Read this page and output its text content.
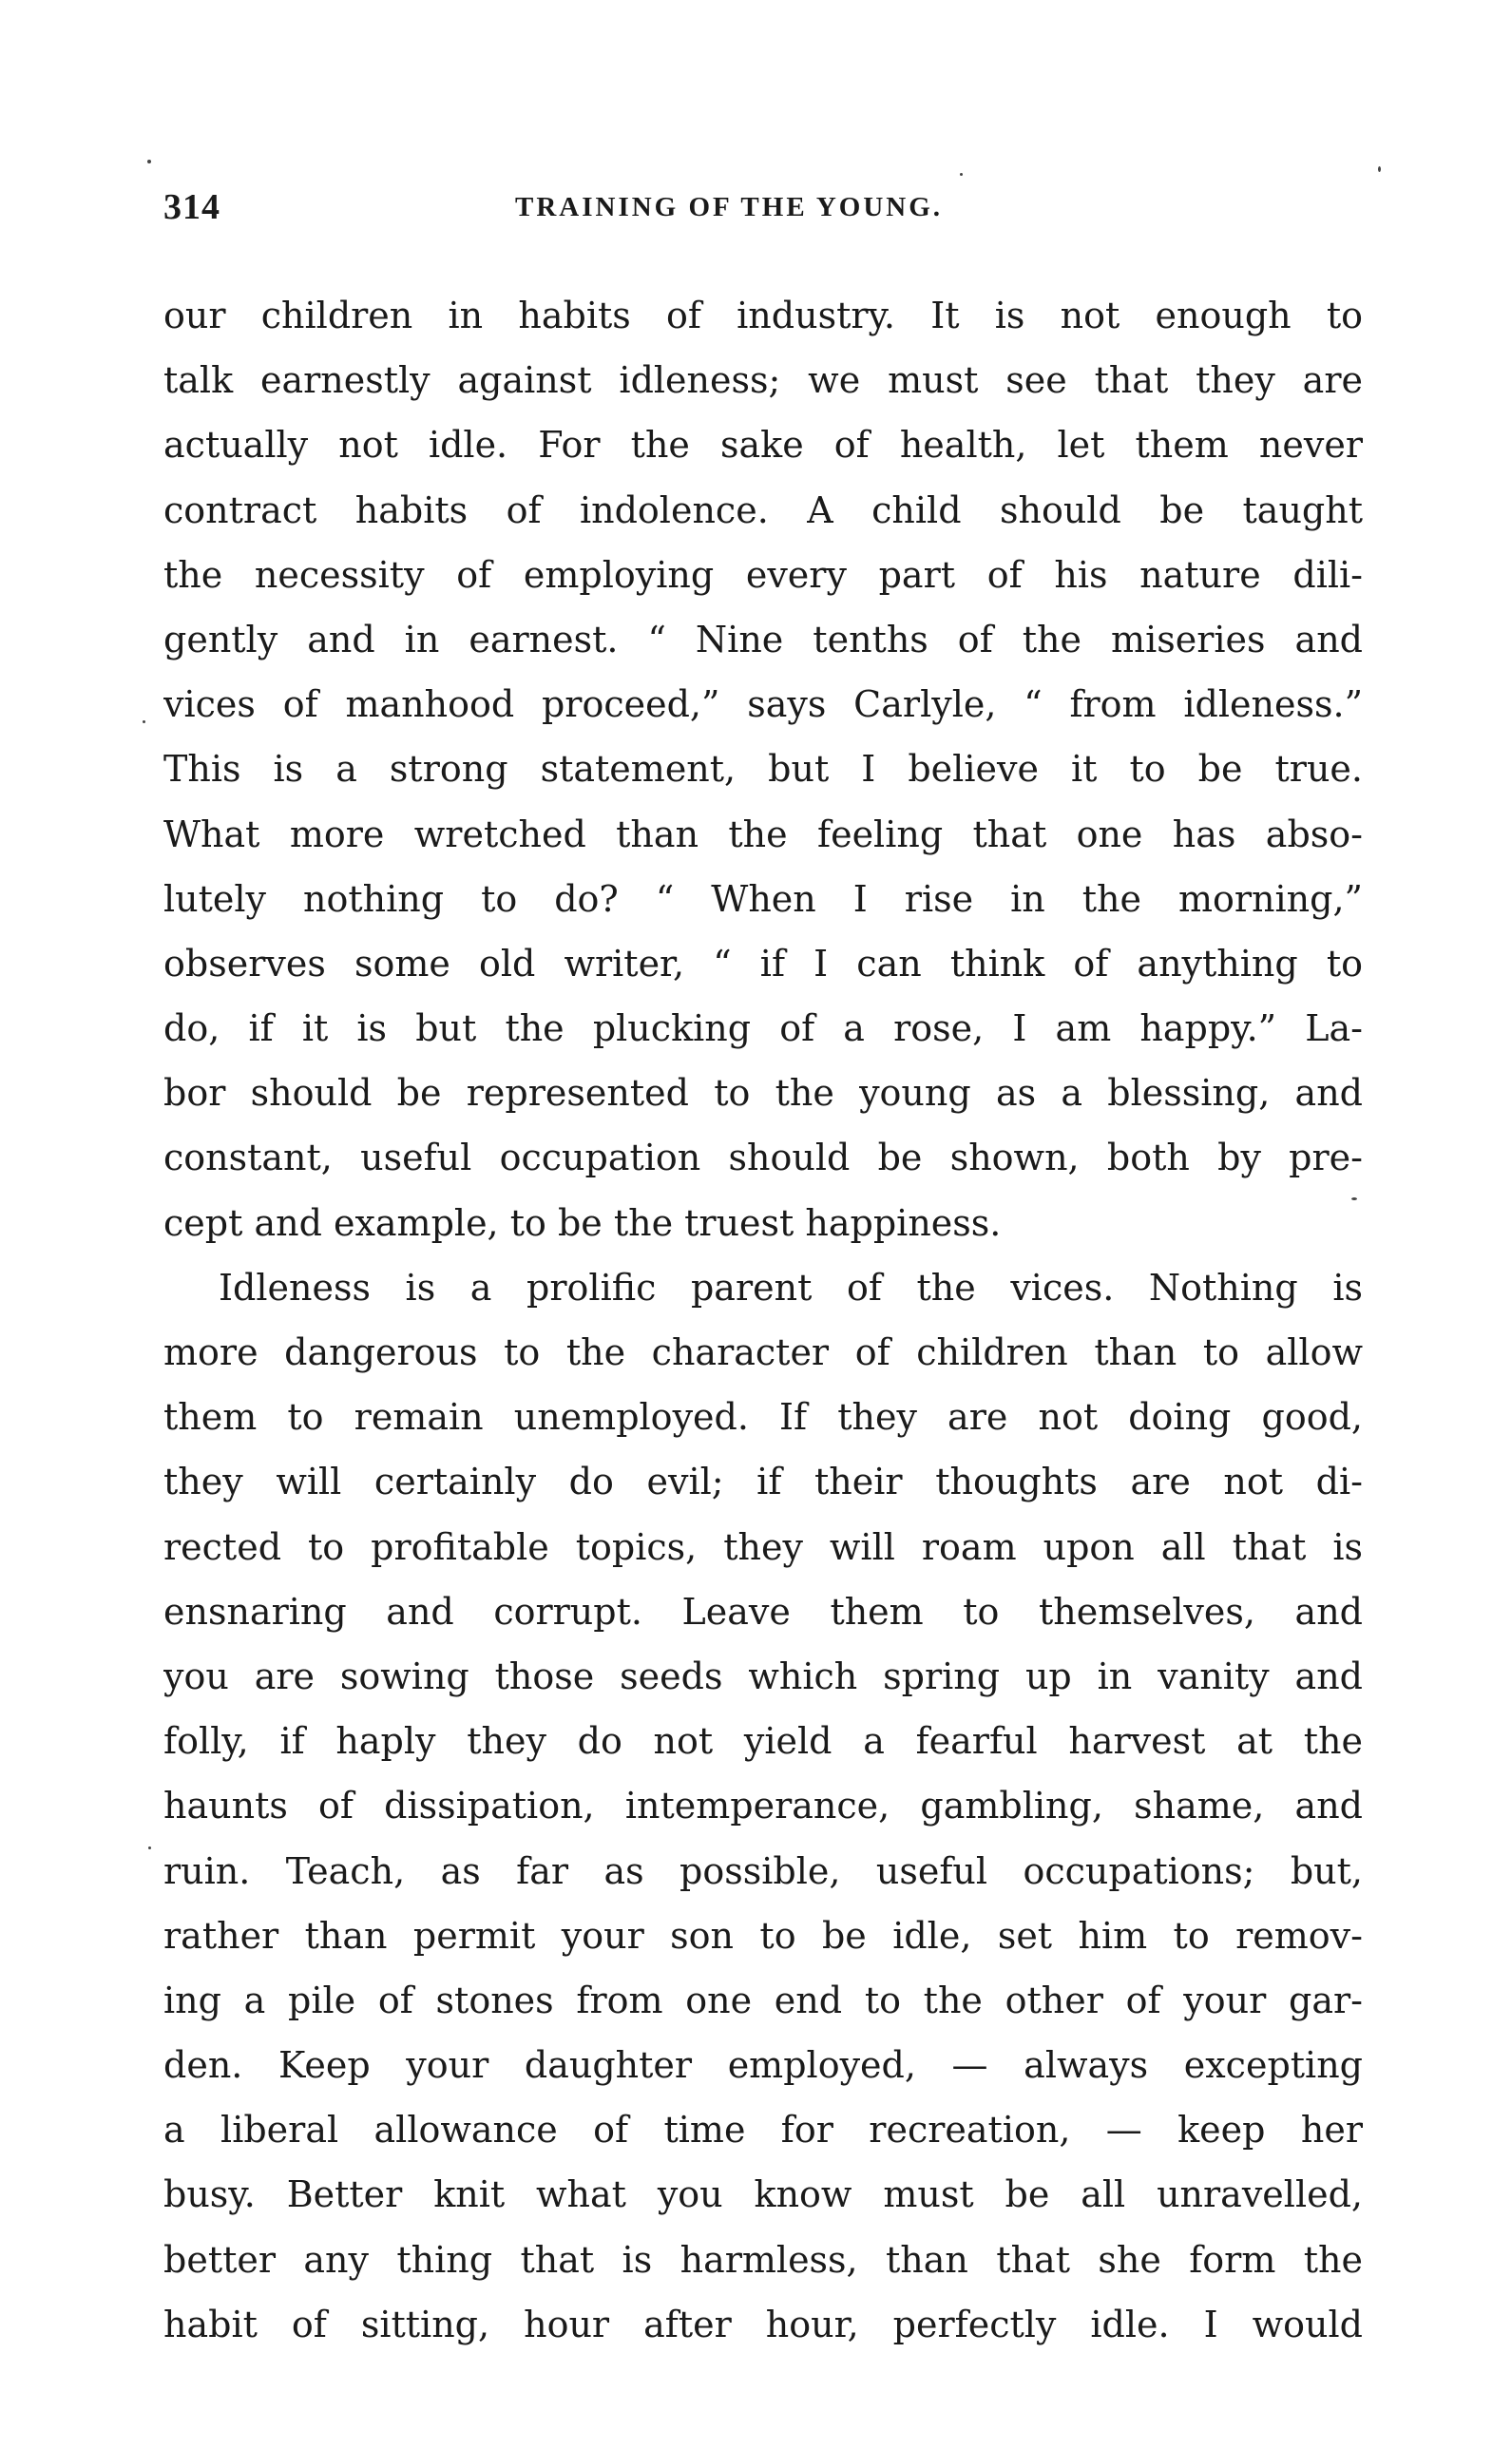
314	TRAINING OF THE YOUNG.
our children in habits of industry. It is not enough to
talk earnestly against idleness; we must see that they are
actually not idle. For the sake of health, let them never
contract habits of indolence. A child should be taught
the necessity of employing every part of his nature dili-
gently and in earnest. “ Nine tenths of the miseries and
vices of manhood proceed,” says Carlyle, “ from idleness.”
This is a strong statement, but I believe it to be true.
What more wretched than the feeling that one has abso-
lutely nothing to do? “ When I rise in the morning,”
observes some old writer, “ if I can think of anything to
do, if it is but the plucking of a rose, I am happy.” La-
bor should be represented to the young as a blessing, and
constant, useful occupation should be shown, both by pre-
cept and example, to be the truest happiness.
Idleness is a prolific parent of the vices. Nothing is
more dangerous to the character of children than to allow
them to remain unemployed. If they are not doing good,
they will certainly do evil; if their thoughts are not di-
rected to profitable topics, they will roam upon all that is
ensnaring and corrupt. Leave them to themselves, and
you are sowing those seeds which spring up in vanity and
folly, if haply they do not yield a fearful harvest at the
haunts of dissipation, intemperance, gambling, shame, and
ruin. Teach, as far as possible, useful occupations; but,
rather than permit your son to be idle, set him to remov-
ing a pile of stones from one end to the other of your gar-
den. Keep your daughter employed, — always excepting
a liberal allowance of time for recreation, — keep her
busy. Better knit what you know must be all unravelled,
better any thing that is harmless, than that she form the
habit of sitting, hour after hour, perfectly idle. I would
